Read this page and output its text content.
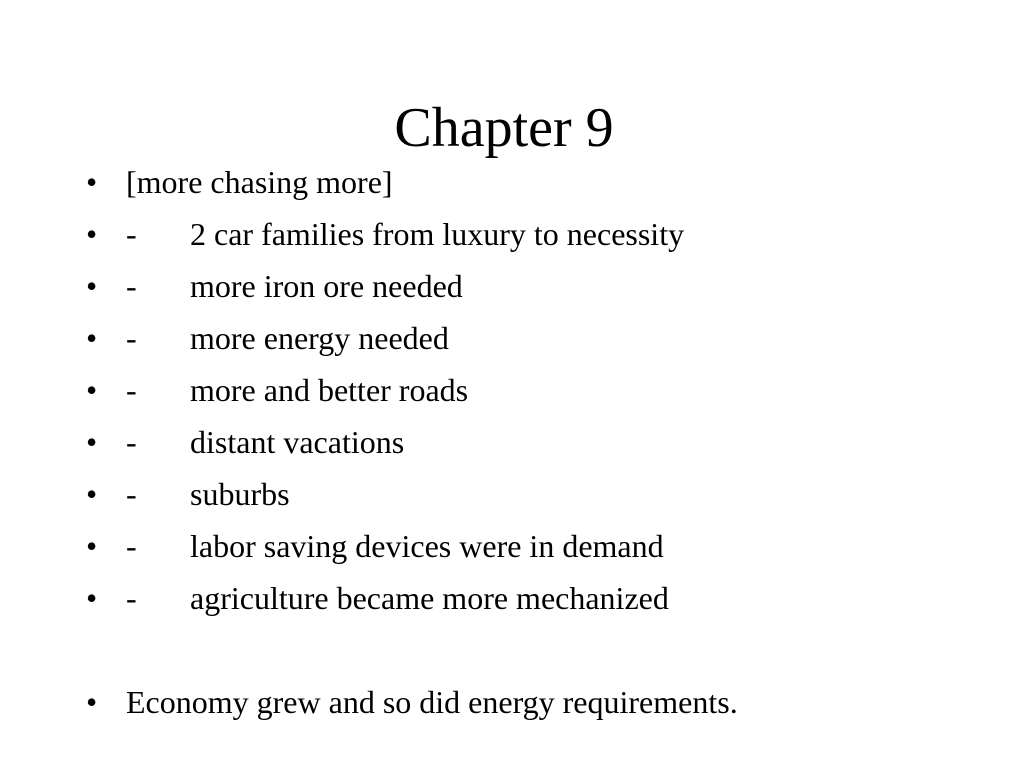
Chapter 9
• [more chasing more]
• - 2 car families from luxury to necessity
• - more iron ore needed
• - more energy needed
• - more and better roads
• - distant vacations
• - suburbs
• - labor saving devices were in demand
• - agriculture became more mechanized
• Economy grew and so did energy requirements.
